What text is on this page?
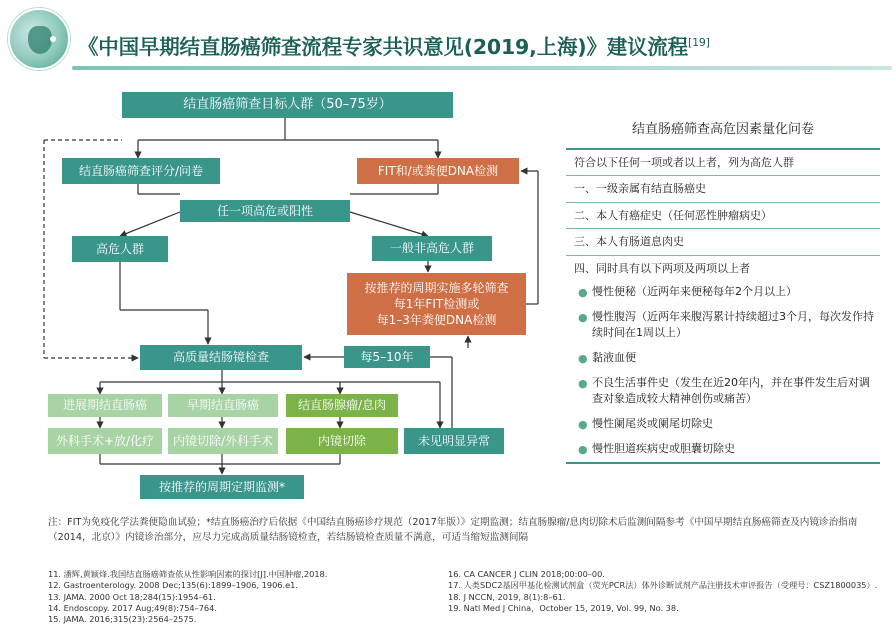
《中国早期结直肠癌筛查流程专家共识意见(2019,上海)》建议流程[19]
结直肠癌筛查目标人群（50–75岁）
结直肠癌筛查评分/问卷	FIT和/或粪便DNA检测
任一项高危或阳性
高危人群	一般非高危人群
按推荐的周期实施多轮筛查
每1年FIT检测或
每1–3年粪便DNA检测
高质量结肠镜检查	每5–10年
进展期结直肠癌	早期结直肠癌	结直肠腺瘤/息肉
外科手术+放/化疗 内镜切除/外科手术	内镜切除	未见明显异常
按推荐的周期定期监测*
结直肠癌筛查高危因素量化问卷
符合以下任何一项或者以上者，列为高危人群
一、一级亲属有结直肠癌史
二、本人有癌症史（任何恶性肿瘤病史）
三、本人有肠道息肉史
四、同时具有以下两项及两项以上者
● 慢性便秘（近两年来便秘每年2个月以上）
● 慢性腹泻（近两年来腹泻累计持续超过3个月，每次发作持续时间在1周以上）
● 黏液血便
● 不良生活事件史（发生在近20年内，并在事件发生后对调查对象造成较大精神创伤或痛苦）
● 慢性阑尾炎或阑尾切除史
● 慢性胆道疾病史或胆囊切除史
注：FIT为免疫化学法粪便隐血试验；*结直肠癌治疗后依据《中国结直肠癌诊疗规范（2017年版）》定期监测；结直肠腺瘤/息肉切除术后监测间隔参考《中国早期结直肠癌筛查及内镜诊治指南（2014，北京）》内镜诊治部分，应尽力完成高质量结肠镜检查，若结肠镜检查质量不满意，可适当缩短监测间隔
11. 潘辉,黄颖烽.我国结直肠癌筛查依从性影响因素的探讨[J].中国肿瘤,2018.
12. Gastroenterology. 2008 Dec;135(6):1899–1906, 1906.e1.
13. JAMA. 2000 Oct 18;284(15):1954–61.
14. Endoscopy. 2017 Aug;49(8):754–764.
15. JAMA. 2016;315(23):2564–2575.
16. CA CANCER J CLIN 2018;00:00–00.
17. 人类SDC2基因甲基化检测试剂盒（荧光PCR法）体外诊断试剂产品注册技术审评报告（受理号：CSZ1800035）.
18. J NCCN, 2019, 8(1):8–61.
19. Natl Med J China，October 15, 2019, Vol. 99, No. 38.
